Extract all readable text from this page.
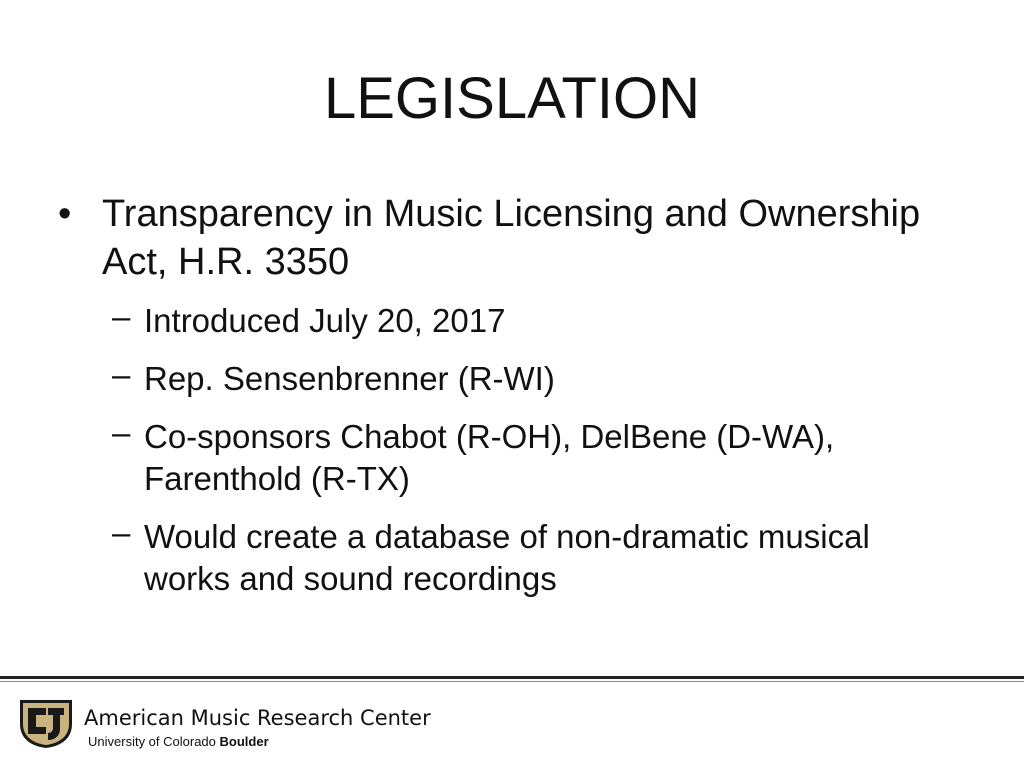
LEGISLATION
• Transparency in Music Licensing and Ownership Act, H.R. 3350
– Introduced July 20, 2017
– Rep. Sensenbrenner (R-WI)
– Co-sponsors Chabot (R-OH), DelBene (D-WA), Farenthold (R-TX)
– Would create a database of non-dramatic musical works and sound recordings
American Music Research Center
University of Colorado Boulder
